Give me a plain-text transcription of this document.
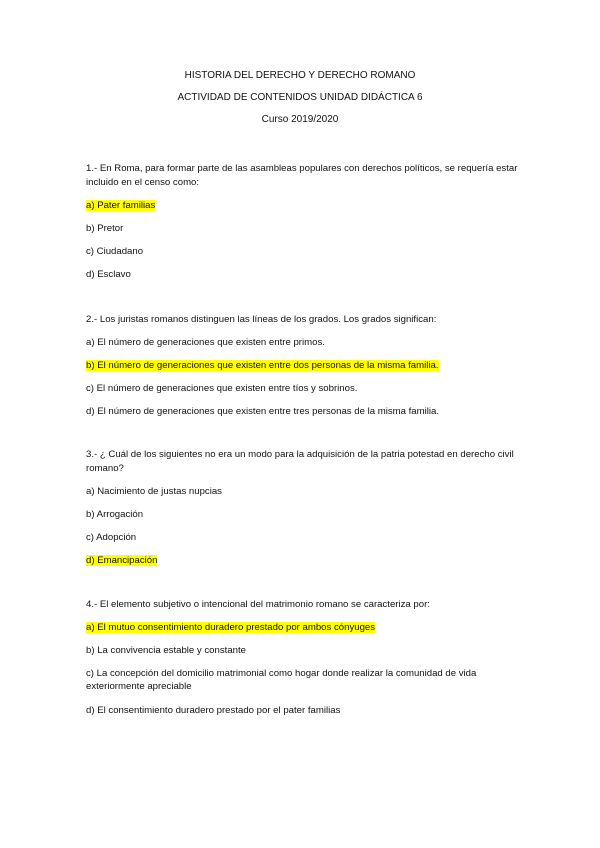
HISTORIA DEL DERECHO Y DERECHO ROMANO
ACTIVIDAD DE CONTENIDOS UNIDAD DIDÁCTICA 6
Curso 2019/2020

1.- En Roma, para formar parte de las asambleas populares con derechos políticos, se requería estar incluido en el censo como:

a) Pater familias

b) Pretor

c) Ciudadano

d) Esclavo

2.- Los juristas romanos distinguen las líneas de los grados. Los grados significan:

a) El número de generaciones que existen entre primos.

b) El número de generaciones que existen entre dos personas de la misma familia.

c) El número de generaciones que existen entre tíos y sobrinos.

d) El número de generaciones que existen entre tres personas de la misma familia.

3.- ¿ Cuál de los siguientes no era un modo para la adquisición de la patria potestad en derecho civil romano?

a) Nacimiento de justas nupcias

b) Arrogación

c) Adopción

d) Emancipación

4.- El elemento subjetivo o intencional del matrimonio romano se caracteriza por:

a) El mutuo consentimiento duradero prestado por ambos cónyuges

b) La convivencia estable y constante

c) La concepción del domicilio matrimonial como hogar donde realizar la comunidad de vida exteriormente apreciable

d) El consentimiento duradero prestado por el pater familias
